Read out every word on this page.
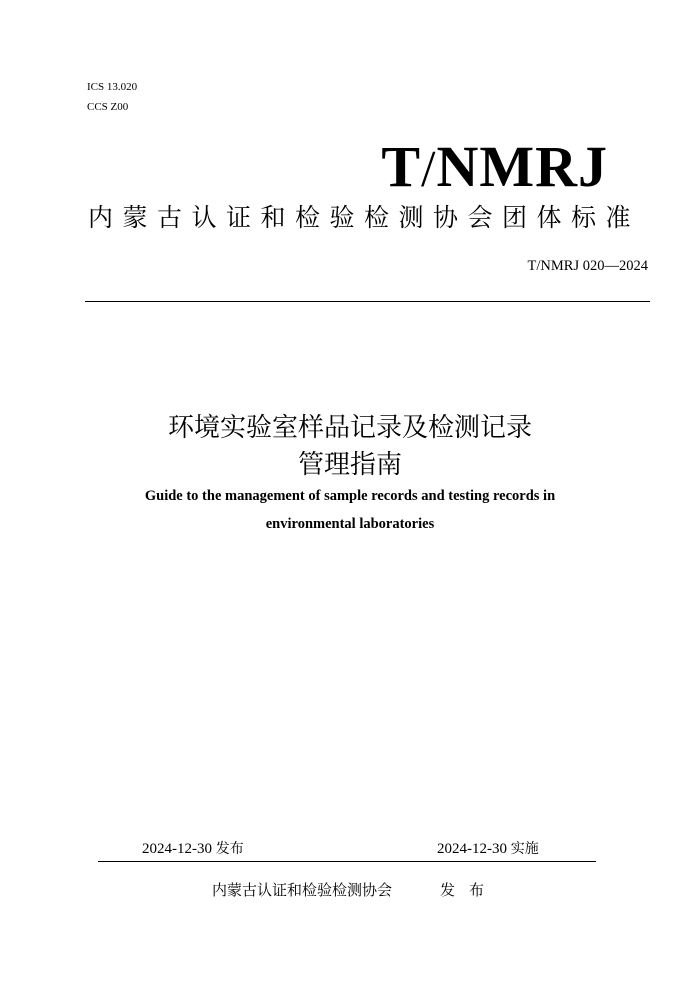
ICS 13.020
CCS Z00
T/NMRJ
内蒙古认证和检验检测协会团体标准
T/NMRJ 020—2024
环境实验室样品记录及检测记录
管理指南
Guide to the management of sample records and testing records in
environmental laboratories
2024-12-30 发布	2024-12-30 实施
内蒙古认证和检验检测协会	发布
